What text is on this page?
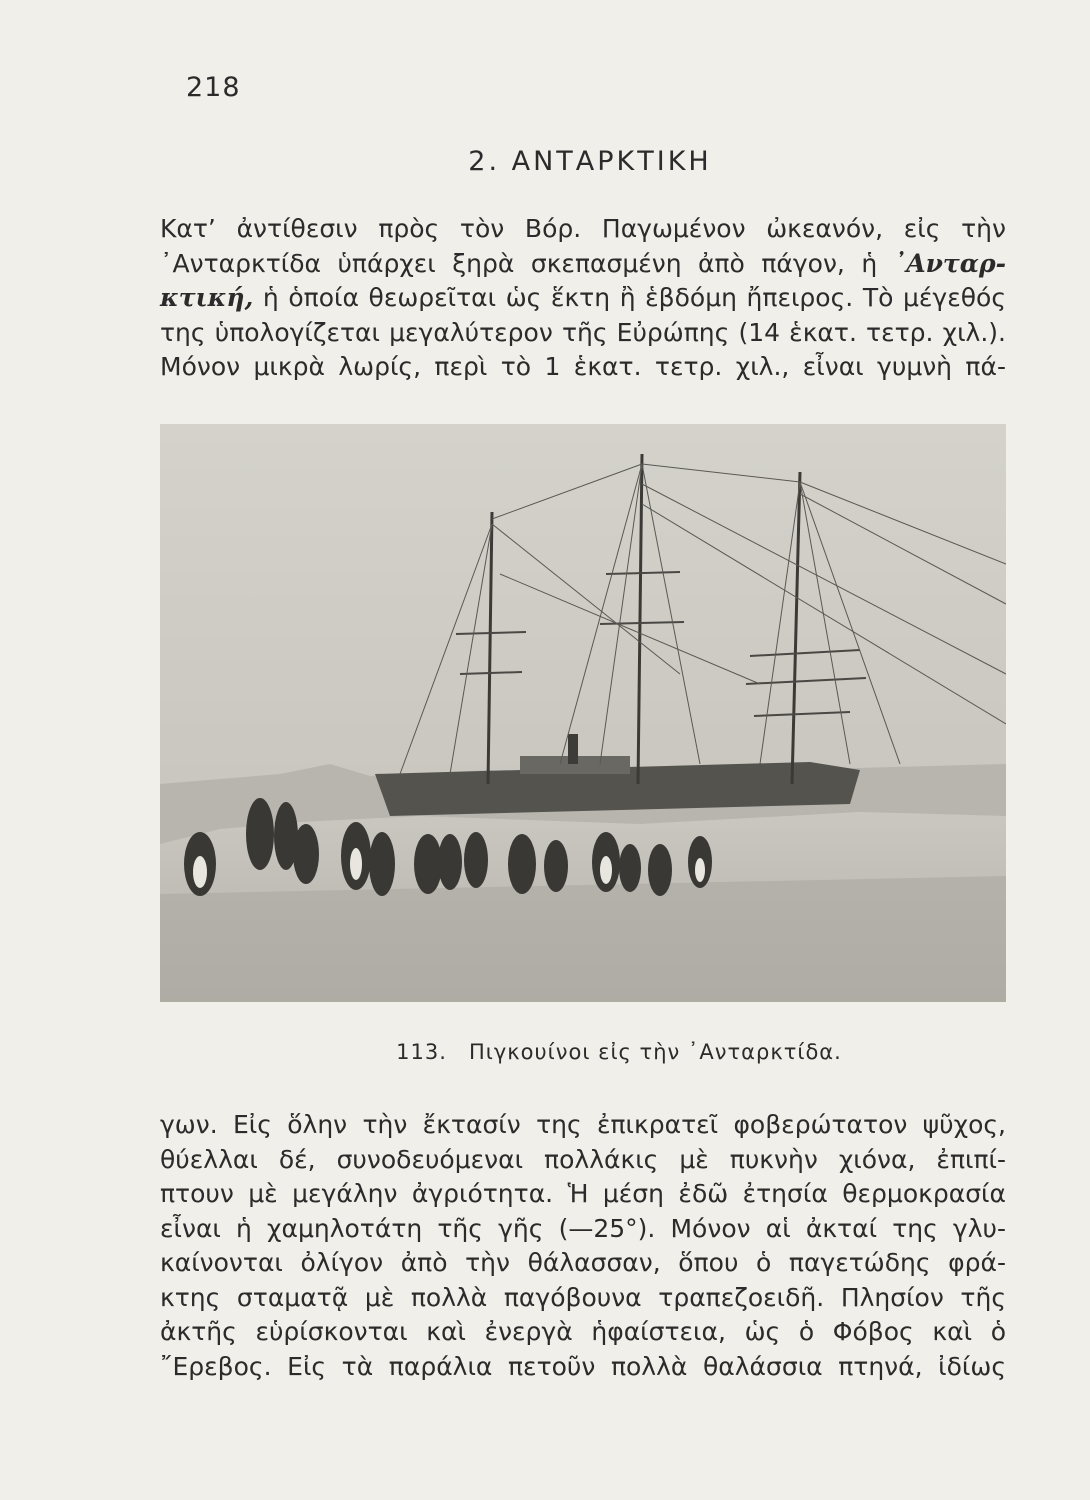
218
2. ΑΝΤΑΡΚΤΙΚΗ
Κατ’ ἀντίθεσιν πρὸς τὸν Βόρ. Παγωμένον ὠκεανόν, εἰς τὴν
᾿Ανταρκτίδα ὑπάρχει ξηρὰ σκεπασμένη ἀπὸ πάγον, ἡ ᾿Ανταρ-
κτική, ἡ ὁποία θεωρεῖται ὡς ἕκτη ἢ ἑβδόμη ἤπειρος. Τὸ μέγεθός
της ὑπολογίζεται μεγαλύτερον τῆς Εὐρώπης (14 ἑκατ. τετρ. χιλ.).
Μόνον μικρὰ λωρίς, περὶ τὸ 1 ἑκατ. τετρ. χιλ., εἶναι γυμνὴ πά-
113. Πιγκουίνοι εἰς τὴν ᾿Ανταρκτίδα.
γων. Εἰς ὅλην τὴν ἔκτασίν της ἐπικρατεῖ φοβερώτατον ψῦχος,
θύελλαι δέ, συνοδευόμεναι πολλάκις μὲ πυκνὴν χιόνα, ἐπιπί-
πτουν μὲ μεγάλην ἀγριότητα. Ἡ μέση ἐδῶ ἐτησία θερμοκρασία
εἶναι ἡ χαμηλοτάτη τῆς γῆς (—25°). Μόνον αἱ ἀκταί της γλυ-
καίνονται ὀλίγον ἀπὸ τὴν θάλασσαν, ὅπου ὁ παγετώδης φρά-
κτης σταματᾷ μὲ πολλὰ παγόβουνα τραπεζοειδῆ. Πλησίον τῆς
ἀκτῆς εὑρίσκονται καὶ ἐνεργὰ ἡφαίστεια, ὡς ὁ Φόβος καὶ ὁ
῎Ερεβος. Εἰς τὰ παράλια πετοῦν πολλὰ θαλάσσια πτηνά, ἰδίως
